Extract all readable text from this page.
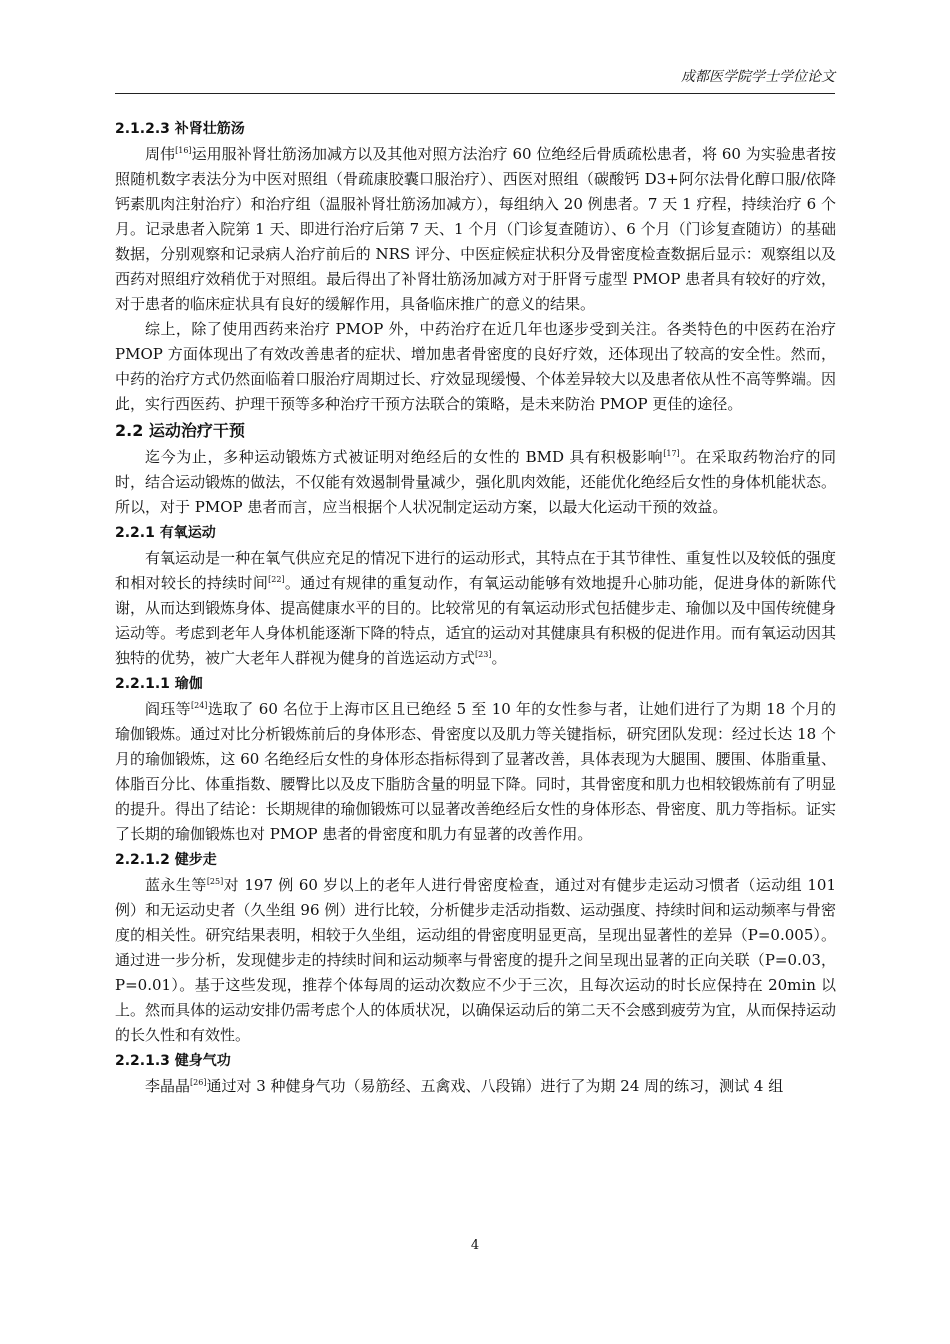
成都医学院学士学位论文
2.1.2.3 补肾壮筋汤

周伟[16]运用服补肾壮筋汤加减方以及其他对照方法治疗 60 位绝经后骨质疏松患者，将 60 为实验患者按照随机数字表法分为中医对照组（骨疏康胶囊口服治疗）、西医对照组（碳酸钙 D3+阿尔法骨化醇口服/依降钙素肌肉注射治疗）和治疗组（温服补肾壮筋汤加减方），每组纳入 20 例患者。7 天 1 疗程，持续治疗 6 个月。记录患者入院第 1 天、即进行治疗后第 7 天、1 个月（门诊复查随访）、6 个月（门诊复查随访）的基础数据，分别观察和记录病人治疗前后的 NRS 评分、中医症候症状积分及骨密度检查数据后显示：观察组以及西药对照组疗效稍优于对照组。最后得出了补肾壮筋汤加减方对于肝肾亏虚型 PMOP 患者具有较好的疗效，对于患者的临床症状具有良好的缓解作用，具备临床推广的意义的结果。

综上，除了使用西药来治疗 PMOP 外，中药治疗在近几年也逐步受到关注。各类特色的中医药在治疗 PMOP 方面体现出了有效改善患者的症状、增加患者骨密度的良好疗效，还体现出了较高的安全性。然而，中药的治疗方式仍然面临着口服治疗周期过长、疗效显现缓慢、个体差异较大以及患者依从性不高等弊端。因此，实行西医药、护理干预等多种治疗干预方法联合的策略，是未来防治 PMOP 更佳的途径。

2.2 运动治疗干预

迄今为止，多种运动锻炼方式被证明对绝经后的女性的 BMD 具有积极影响[17]。在采取药物治疗的同时，结合运动锻炼的做法，不仅能有效遏制骨量减少，强化肌肉效能，还能优化绝经后女性的身体机能状态。所以，对于 PMOP 患者而言，应当根据个人状况制定运动方案，以最大化运动干预的效益。

2.2.1 有氧运动

有氧运动是一种在氧气供应充足的情况下进行的运动形式，其特点在于其节律性、重复性以及较低的强度和相对较长的持续时间[22]。通过有规律的重复动作，有氧运动能够有效地提升心肺功能，促进身体的新陈代谢，从而达到锻炼身体、提高健康水平的目的。比较常见的有氧运动形式包括健步走、瑜伽以及中国传统健身运动等。考虑到老年人身体机能逐渐下降的特点，适宜的运动对其健康具有积极的促进作用。而有氧运动因其独特的优势，被广大老年人群视为健身的首选运动方式[23]。

2.2.1.1 瑜伽

阎珏等[24]选取了 60 名位于上海市区且已绝经 5 至 10 年的女性参与者，让她们进行了为期 18 个月的瑜伽锻炼。通过对比分析锻炼前后的身体形态、骨密度以及肌力等关键指标，研究团队发现：经过长达 18 个月的瑜伽锻炼，这 60 名绝经后女性的身体形态指标得到了显著改善，具体表现为大腿围、腰围、体脂重量、体脂百分比、体重指数、腰臀比以及皮下脂肪含量的明显下降。同时，其骨密度和肌力也相较锻炼前有了明显的提升。得出了结论：长期规律的瑜伽锻炼可以显著改善绝经后女性的身体形态、骨密度、肌力等指标。证实了长期的瑜伽锻炼也对 PMOP 患者的骨密度和肌力有显著的改善作用。

2.2.1.2 健步走

蓝永生等[25]对 197 例 60 岁以上的老年人进行骨密度检查，通过对有健步走运动习惯者（运动组 101 例）和无运动史者（久坐组 96 例）进行比较，分析健步走活动指数、运动强度、持续时间和运动频率与骨密度的相关性。研究结果表明，相较于久坐组，运动组的骨密度明显更高，呈现出显著性的差异（P=0.005）。通过进一步分析，发现健步走的持续时间和运动频率与骨密度的提升之间呈现出显著的正向关联（P=0.03，P=0.01）。基于这些发现，推荐个体每周的运动次数应不少于三次，且每次运动的时长应保持在 20min 以上。然而具体的运动安排仍需考虑个人的体质状况，以确保运动后的第二天不会感到疲劳为宜，从而保持运动的长久性和有效性。

2.2.1.3 健身气功

李晶晶[26]通过对 3 种健身气功（易筋经、五禽戏、八段锦）进行了为期 24 周的练习，测试 4 组

4
